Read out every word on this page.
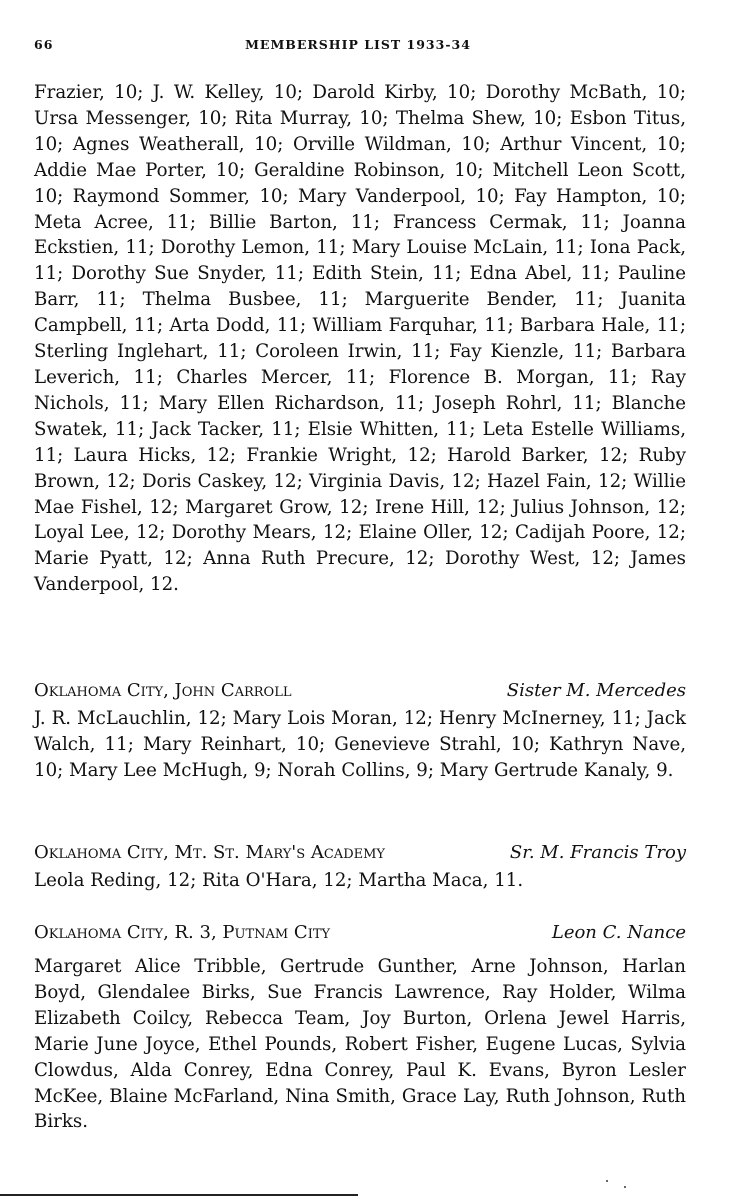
66	MEMBERSHIP LIST 1933-34

Frazier, 10; J. W. Kelley, 10; Darold Kirby, 10; Dorothy McBath, 10; Ursa Messenger, 10; Rita Murray, 10; Thelma Shew, 10; Esbon Titus, 10; Agnes Weatherall, 10; Orville Wildman, 10; Arthur Vincent, 10; Addie Mae Porter, 10; Geraldine Robinson, 10; Mitchell Leon Scott, 10; Raymond Sommer, 10; Mary Vanderpool, 10; Fay Hampton, 10; Meta Acree, 11; Billie Barton, 11; Francess Cermak, 11; Joanna Eckstien, 11; Dorothy Lemon, 11; Mary Louise McLain, 11; Iona Pack, 11; Dorothy Sue Snyder, 11; Edith Stein, 11; Edna Abel, 11; Pauline Barr, 11; Thelma Busbee, 11; Marguerite Bender, 11; Juanita Campbell, 11; Arta Dodd, 11; William Farquhar, 11; Barbara Hale, 11; Sterling Inglehart, 11; Coroleen Irwin, 11; Fay Kienzle, 11; Barbara Leverich, 11; Charles Mercer, 11; Florence B. Morgan, 11; Ray Nichols, 11; Mary Ellen Richardson, 11; Joseph Rohrl, 11; Blanche Swatek, 11; Jack Tacker, 11; Elsie Whitten, 11; Leta Estelle Williams, 11; Laura Hicks, 12; Frankie Wright, 12; Harold Barker, 12; Ruby Brown, 12; Doris Caskey, 12; Virginia Davis, 12; Hazel Fain, 12; Willie Mae Fishel, 12; Margaret Grow, 12; Irene Hill, 12; Julius Johnson, 12; Loyal Lee, 12; Dorothy Mears, 12; Elaine Oller, 12; Cadijah Poore, 12; Marie Pyatt, 12; Anna Ruth Precure, 12; Dorothy West, 12; James Vanderpool, 12.

Oklahoma City, John Carroll	Sister M. Mercedes

J. R. McLauchlin, 12; Mary Lois Moran, 12; Henry McInerney, 11; Jack Walch, 11; Mary Reinhart, 10; Genevieve Strahl, 10; Kathryn Nave, 10; Mary Lee McHugh, 9; Norah Collins, 9; Mary Gertrude Kanaly, 9.

Oklahoma City, Mt. St. Mary's Academy	Sr. M. Francis Troy

Leola Reding, 12; Rita O'Hara, 12; Martha Maca, 11.

Oklahoma City, R. 3, Putnam City	Leon C. Nance

Margaret Alice Tribble, Gertrude Gunther, Arne Johnson, Harlan Boyd, Glendalee Birks, Sue Francis Lawrence, Ray Holder, Wilma Elizabeth Coilcy, Rebecca Team, Joy Burton, Orlena Jewel Harris, Marie June Joyce, Ethel Pounds, Robert Fisher, Eugene Lucas, Sylvia Clowdus, Alda Conrey, Edna Conrey, Paul K. Evans, Byron Lesler McKee, Blaine McFarland, Nina Smith, Grace Lay, Ruth Johnson, Ruth Birks.
